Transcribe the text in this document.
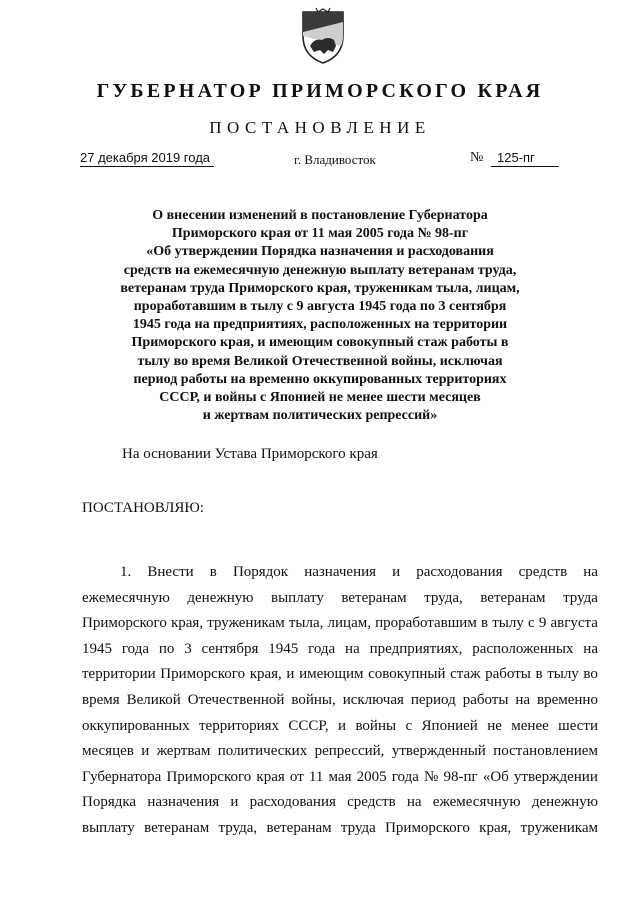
ГУБЕРНАТОР ПРИМОРСКОГО КРАЯ
ПОСТАНОВЛЕНИЕ
27 декабря 2019 года	г. Владивосток	№	125-пг
О внесении изменений в постановление Губернатора
Приморского края от 11 мая 2005 года № 98-пг
«Об утверждении Порядка назначения и расходования
средств на ежемесячную денежную выплату ветеранам труда,
ветеранам труда Приморского края, труженикам тыла, лицам,
проработавшим в тылу с 9 августа 1945 года по 3 сентября
1945 года на предприятиях, расположенных на территории
Приморского края, и имеющим совокупный стаж работы в
тылу во время Великой Отечественной войны, исключая
период работы на временно оккупированных территориях
СССР, и войны с Японией не менее шести месяцев
и жертвам политических репрессий»
На основании Устава Приморского края
ПОСТАНОВЛЯЮ:
1. Внести в Порядок назначения и расходования средств на
ежемесячную денежную выплату ветеранам труда, ветеранам труда
Приморского края, труженикам тыла, лицам, проработавшим в тылу с 9 августа
1945 года по 3 сентября 1945 года на предприятиях, расположенных на
территории Приморского края, и имеющим совокупный стаж работы в тылу во
время Великой Отечественной войны, исключая период работы на временно
оккупированных территориях СССР, и войны с Японией не менее шести
месяцев и жертвам политических репрессий, утвержденный постановлением
Губернатора Приморского края от 11 мая 2005 года № 98-пг «Об утверждении
Порядка назначения и расходования средств на ежемесячную денежную
выплату ветеранам труда, ветеранам труда Приморского края, труженикам
